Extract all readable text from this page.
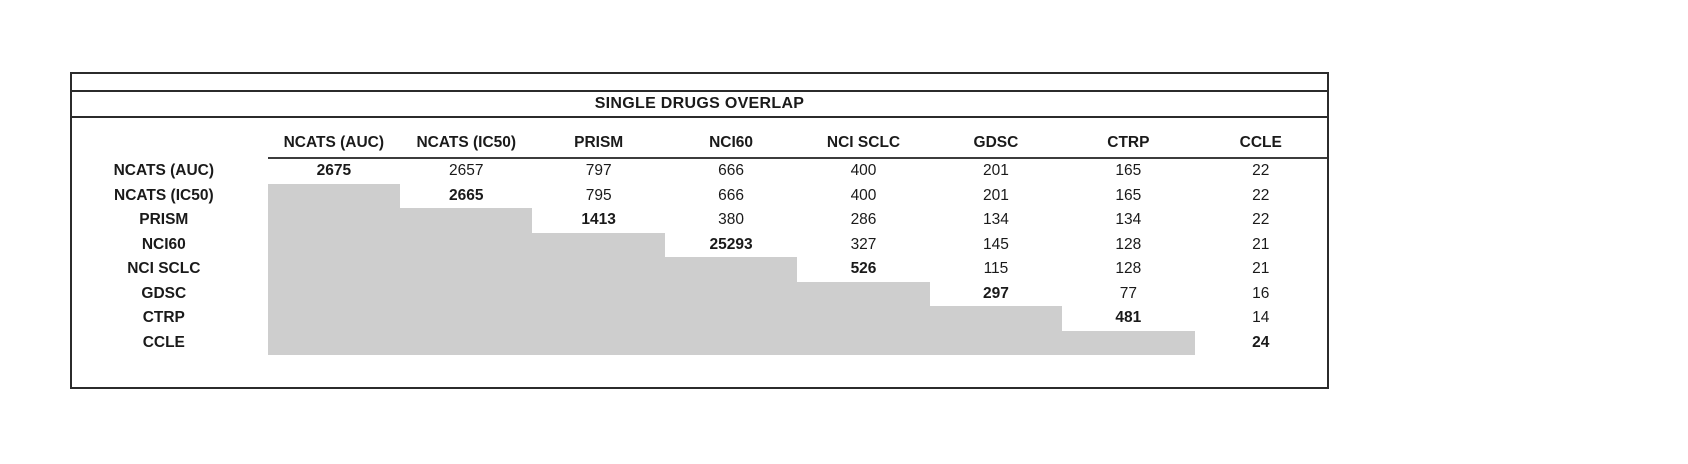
SINGLE DRUGS OVERLAP
	NCATS (AUC)	NCATS (IC50)	PRISM	NCI60	NCI SCLC	GDSC	CTRP	CCLE
NCATS (AUC)	2675	2657	797	666	400	201	165	22
NCATS (IC50)		2665	795	666	400	201	165	22
PRISM			1413	380	286	134	134	22
NCI60				25293	327	145	128	21
NCI SCLC					526	115	128	21
GDSC						297	77	16
CTRP							481	14
CCLE								24
